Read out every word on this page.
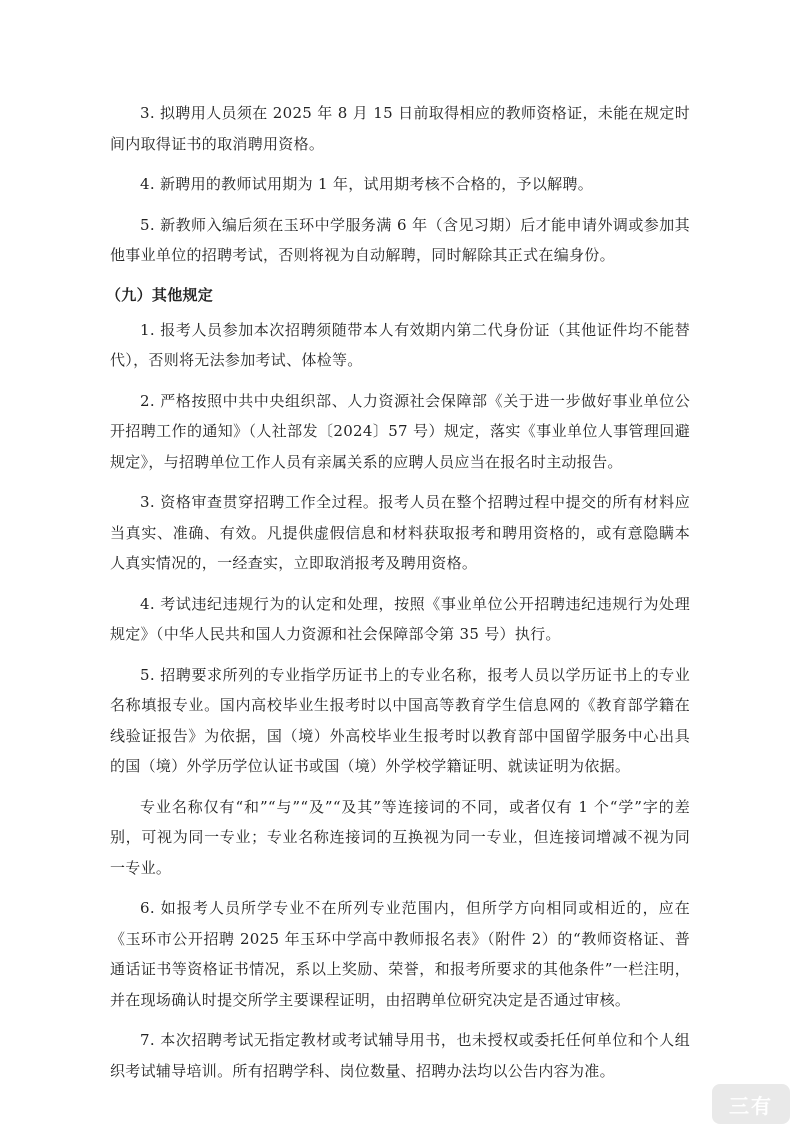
3. 拟聘用人员须在 2025 年 8 月 15 日前取得相应的教师资格证，未能在规定时间内取得证书的取消聘用资格。

4. 新聘用的教师试用期为 1 年，试用期考核不合格的，予以解聘。

5. 新教师入编后须在玉环中学服务满 6 年（含见习期）后才能申请外调或参加其他事业单位的招聘考试，否则将视为自动解聘，同时解除其正式在编身份。

（九）其他规定

1. 报考人员参加本次招聘须随带本人有效期内第二代身份证（其他证件均不能替代），否则将无法参加考试、体检等。

2. 严格按照中共中央组织部、人力资源社会保障部《关于进一步做好事业单位公开招聘工作的通知》（人社部发〔2024〕57 号）规定，落实《事业单位人事管理回避规定》，与招聘单位工作人员有亲属关系的应聘人员应当在报名时主动报告。

3. 资格审查贯穿招聘工作全过程。报考人员在整个招聘过程中提交的所有材料应当真实、准确、有效。凡提供虚假信息和材料获取报考和聘用资格的，或有意隐瞒本人真实情况的，一经查实，立即取消报考及聘用资格。

4. 考试违纪违规行为的认定和处理，按照《事业单位公开招聘违纪违规行为处理规定》（中华人民共和国人力资源和社会保障部令第 35 号）执行。

5. 招聘要求所列的专业指学历证书上的专业名称，报考人员以学历证书上的专业名称填报专业。国内高校毕业生报考时以中国高等教育学生信息网的《教育部学籍在线验证报告》为依据，国（境）外高校毕业生报考时以教育部中国留学服务中心出具的国（境）外学历学位认证书或国（境）外学校学籍证明、就读证明为依据。

专业名称仅有“和”“与”“及”“及其”等连接词的不同，或者仅有 1 个“学”字的差别，可视为同一专业；专业名称连接词的互换视为同一专业，但连接词增减不视为同一专业。

6. 如报考人员所学专业不在所列专业范围内，但所学方向相同或相近的，应在《玉环市公开招聘 2025 年玉环中学高中教师报名表》（附件 2）的“教师资格证、普通话证书等资格证书情况，系以上奖励、荣誉，和报考所要求的其他条件”一栏注明，并在现场确认时提交所学主要课程证明，由招聘单位研究决定是否通过审核。

7. 本次招聘考试无指定教材或考试辅导用书，也未授权或委托任何单位和个人组织考试辅导培训。所有招聘学科、岗位数量、招聘办法均以公告内容为准。

三有
